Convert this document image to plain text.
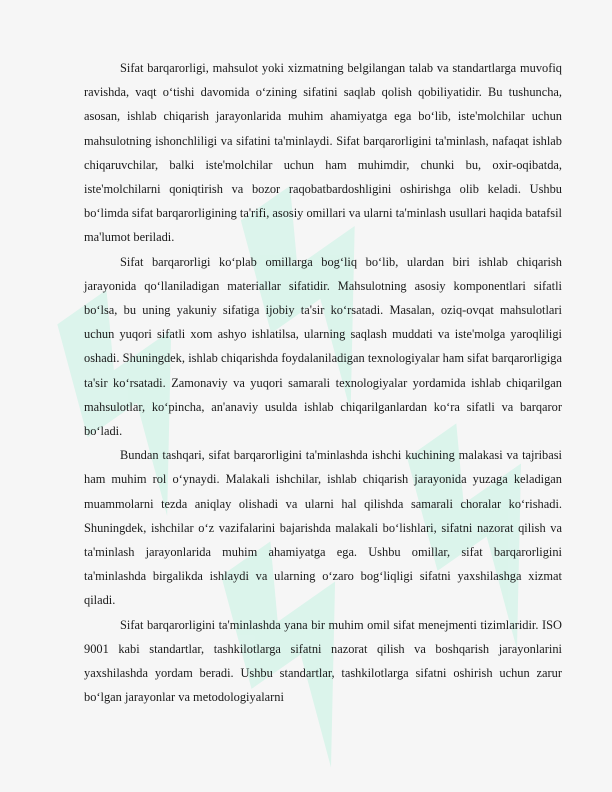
Sifat barqarorligi, mahsulot yoki xizmatning belgilangan talab va standartlarga muvofiq ravishda, vaqt o‘tishi davomida o‘zining sifatini saqlab qolish qobiliyatidir. Bu tushuncha, asosan, ishlab chiqarish jarayonlarida muhim ahamiyatga ega bo‘lib, iste'molchilar uchun mahsulotning ishonchliligi va sifatini ta'minlaydi. Sifat barqarorligini ta'minlash, nafaqat ishlab chiqaruvchilar, balki iste'molchilar uchun ham muhimdir, chunki bu, oxir-oqibatda, iste'molchilarni qoniqtirish va bozor raqobatbardoshligini oshirishga olib keladi. Ushbu bo‘limda sifat barqarorligining ta'rifi, asosiy omillari va ularni ta'minlash usullari haqida batafsil ma'lumot beriladi.

Sifat barqarorligi ko‘plab omillarga bog‘liq bo‘lib, ulardan biri ishlab chiqarish jarayonida qo‘llaniladigan materiallar sifatidir. Mahsulotning asosiy komponentlari sifatli bo‘lsa, bu uning yakuniy sifatiga ijobiy ta'sir ko‘rsatadi. Masalan, oziq-ovqat mahsulotlari uchun yuqori sifatli xom ashyo ishlatilsa, ularning saqlash muddati va iste'molga yaroqliligi oshadi. Shuningdek, ishlab chiqarishda foydalaniladigan texnologiyalar ham sifat barqarorligiga ta'sir ko‘rsatadi. Zamonaviy va yuqori samarali texnologiyalar yordamida ishlab chiqarilgan mahsulotlar, ko‘pincha, an'anaviy usulda ishlab chiqarilganlardan ko‘ra sifatli va barqaror bo‘ladi.

Bundan tashqari, sifat barqarorligini ta'minlashda ishchi kuchining malakasi va tajribasi ham muhim rol o‘ynaydi. Malakali ishchilar, ishlab chiqarish jarayonida yuzaga keladigan muammolarni tezda aniqlay olishadi va ularni hal qilishda samarali choralar ko‘rishadi. Shuningdek, ishchilar o‘z vazifalarini bajarishda malakali bo‘lishlari, sifatni nazorat qilish va ta'minlash jarayonlarida muhim ahamiyatga ega. Ushbu omillar, sifat barqarorligini ta'minlashda birgalikda ishlaydi va ularning o‘zaro bog‘liqligi sifatni yaxshilashga xizmat qiladi.

Sifat barqarorligini ta'minlashda yana bir muhim omil sifat menejmenti tizimlaridir. ISO 9001 kabi standartlar, tashkilotlarga sifatni nazorat qilish va boshqarish jarayonlarini yaxshilashda yordam beradi. Ushbu standartlar, tashkilotlarga sifatni oshirish uchun zarur bo‘lgan jarayonlar va metodologiyalarni
